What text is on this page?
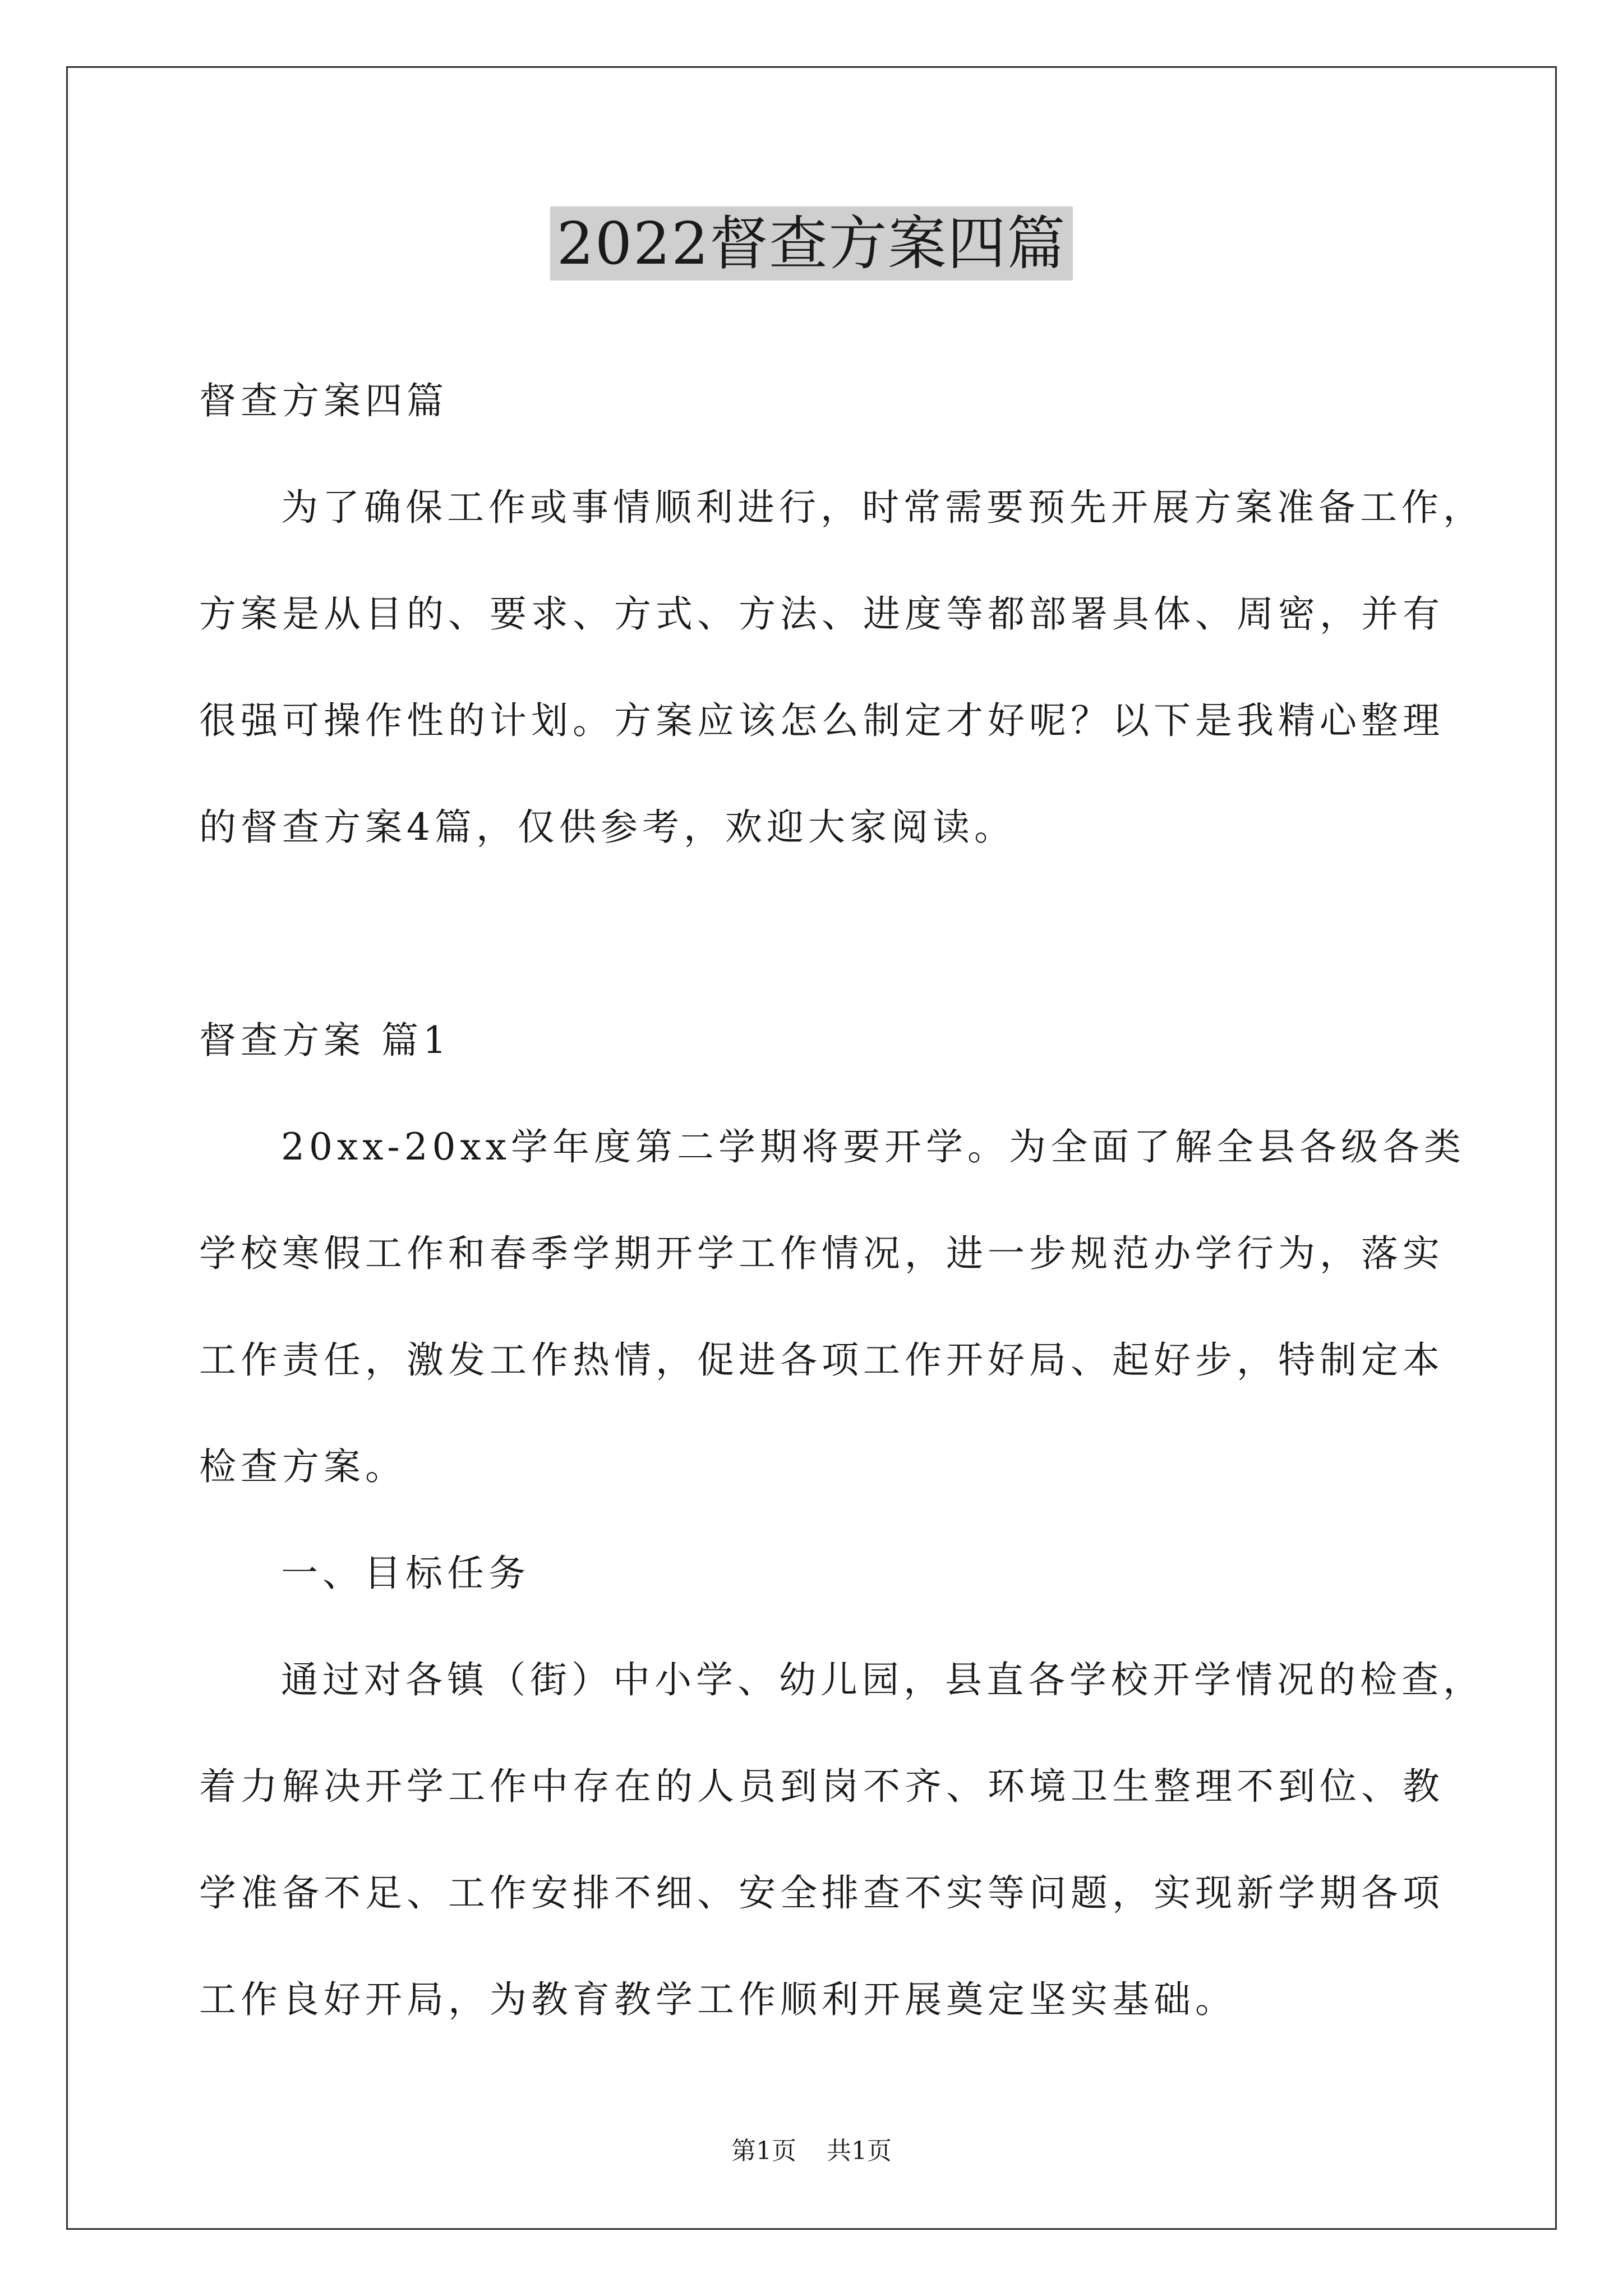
2022督查方案四篇
督查方案四篇
为了确保工作或事情顺利进行，时常需要预先开展方案准备工作，
方案是从目的、要求、方式、方法、进度等都部署具体、周密，并有
很强可操作性的计划。方案应该怎么制定才好呢？以下是我精心整理
的督查方案4篇，仅供参考，欢迎大家阅读。
督查方案 篇1
20xx-20xx学年度第二学期将要开学。为全面了解全县各级各类
学校寒假工作和春季学期开学工作情况，进一步规范办学行为，落实
工作责任，激发工作热情，促进各项工作开好局、起好步，特制定本
检查方案。
一、目标任务
通过对各镇（街）中小学、幼儿园，县直各学校开学情况的检查，
着力解决开学工作中存在的人员到岗不齐、环境卫生整理不到位、教
学准备不足、工作安排不细、安全排查不实等问题，实现新学期各项
工作良好开局，为教育教学工作顺利开展奠定坚实基础。
第1页 共1页
